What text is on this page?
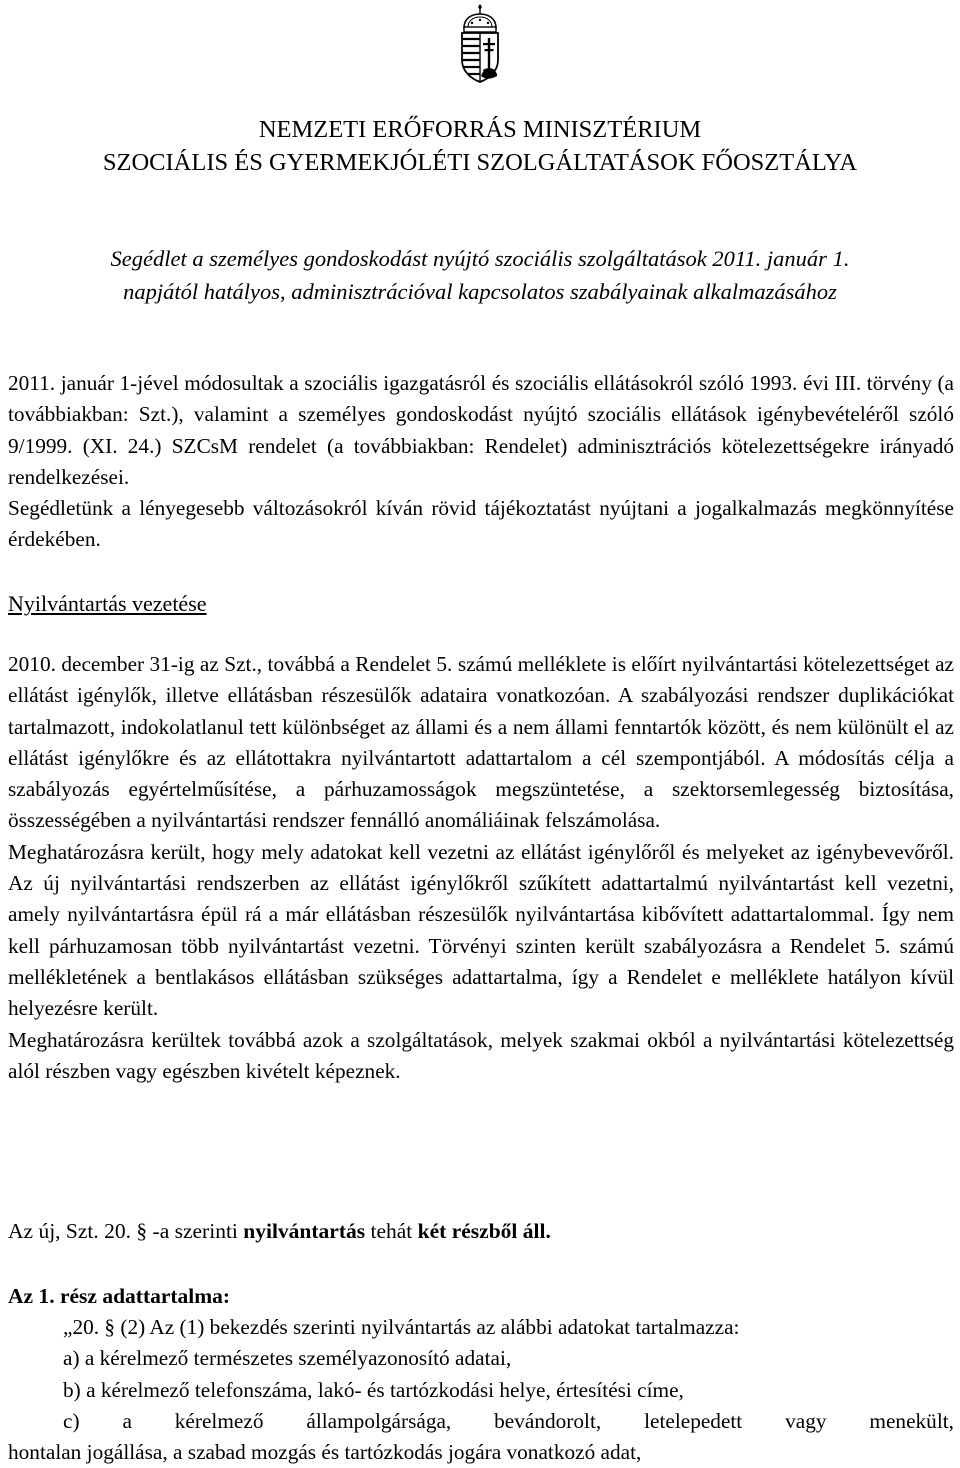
NEMZETI ERŐFORRÁS MINISZTÉRIUM
SZOCIÁLIS ÉS GYERMEKJÓLÉTI SZOLGÁLTATÁSOK FŐOSZTÁLYA
Segédlet a személyes gondoskodást nyújtó szociális szolgáltatások 2011. január 1.
napjától hatályos, adminisztrációval kapcsolatos szabályainak alkalmazásához

2011. január 1-jével módosultak a szociális igazgatásról és szociális ellátásokról szóló 1993. évi III. törvény (a továbbiakban: Szt.), valamint a személyes gondoskodást nyújtó szociális ellátások igénybevételéről szóló 9/1999. (XI. 24.) SZCsM rendelet (a továbbiakban: Rendelet) adminisztrációs kötelezettségekre irányadó rendelkezései.

Segédletünk a lényegesebb változásokról kíván rövid tájékoztatást nyújtani a jogalkalmazás megkönnyítése érdekében.

Nyilvántartás vezetése

2010. december 31-ig az Szt., továbbá a Rendelet 5. számú melléklete is előírt nyilvántartási kötelezettséget az ellátást igénylők, illetve ellátásban részesülők adataira vonatkozóan. A szabályozási rendszer duplikációkat tartalmazott, indokolatlanul tett különbséget az állami és a nem állami fenntartók között, és nem különült el az ellátást igénylőkre és az ellátottakra nyilvántartott adattartalom a cél szempontjából. A módosítás célja a szabályozás egyértelműsítése, a párhuzamosságok megszüntetése, a szektorsemlegesség biztosítása, összességében a nyilvántartási rendszer fennálló anomáliáinak felszámolása.

Meghatározásra került, hogy mely adatokat kell vezetni az ellátást igénylőről és melyeket az igénybevevőről. Az új nyilvántartási rendszerben az ellátást igénylőkről szűkített adattartalmú nyilvántartást kell vezetni, amely nyilvántartásra épül rá a már ellátásban részesülők nyilvántartása kibővített adattartalommal. Így nem kell párhuzamosan több nyilvántartást vezetni. Törvényi szinten került szabályozásra a Rendelet 5. számú mellékletének a bentlakásos ellátásban szükséges adattartalma, így a Rendelet e melléklete hatályon kívül helyezésre került.

Meghatározásra kerültek továbbá azok a szolgáltatások, melyek szakmai okból a nyilvántartási kötelezettség alól részben vagy egészben kivételt képeznek.

Az új, Szt. 20. § -a szerinti nyilvántartás tehát két részből áll.
Az 1. rész adattartalma:
„20. § (2) Az (1) bekezdés szerinti nyilvántartás az alábbi adatokat tartalmazza:
a) a kérelmező természetes személyazonosító adatai,
b) a kérelmező telefonszáma, lakó- és tartózkodási helye, értesítési címe,
c) a kérelmező állampolgársága, bevándorolt, letelepedett vagy menekült,
hontalan jogállása, a szabad mozgás és tartózkodás jogára vonatkozó adat,
